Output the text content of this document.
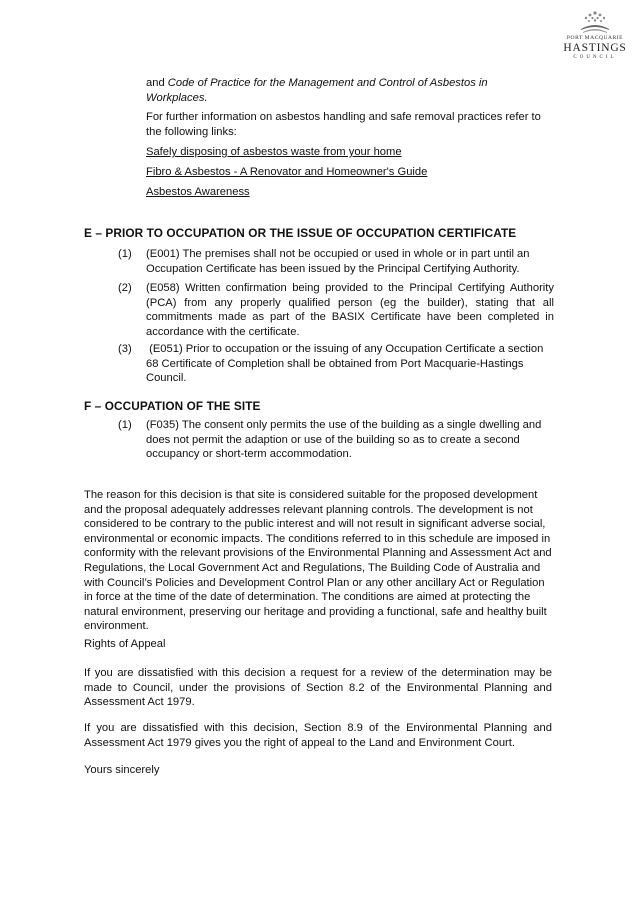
PORT MACQUARIE
HASTINGS
COUNCIL

and Code of Practice for the Management and Control of Asbestos in Workplaces.

For further information on asbestos handling and safe removal practices refer to the following links:

Safely disposing of asbestos waste from your home
Fibro & Asbestos - A Renovator and Homeowner's Guide
Asbestos Awareness
E – PRIOR TO OCCUPATION OR THE ISSUE OF OCCUPATION CERTIFICATE
(1)	(E001) The premises shall not be occupied or used in whole or in part until an Occupation Certificate has been issued by the Principal Certifying Authority.
(2)	(E058) Written confirmation being provided to the Principal Certifying Authority (PCA) from any properly qualified person (eg the builder), stating that all commitments made as part of the BASIX Certificate have been completed in accordance with the certificate.
(3)	(E051) Prior to occupation or the issuing of any Occupation Certificate a section 68 Certificate of Completion shall be obtained from Port Macquarie-Hastings Council.
F – OCCUPATION OF THE SITE
(1)	(F035) The consent only permits the use of the building as a single dwelling and does not permit the adaption or use of the building so as to create a second occupancy or short-term accommodation.

The reason for this decision is that site is considered suitable for the proposed development and the proposal adequately addresses relevant planning controls. The development is not considered to be contrary to the public interest and will not result in significant adverse social, environmental or economic impacts. The conditions referred to in this schedule are imposed in conformity with the relevant provisions of the Environmental Planning and Assessment Act and Regulations, the Local Government Act and Regulations, The Building Code of Australia and with Council’s Policies and Development Control Plan or any other ancillary Act or Regulation in force at the time of the date of determination. The conditions are aimed at protecting the natural environment, preserving our heritage and providing a functional, safe and healthy built environment.

Rights of Appeal

If you are dissatisfied with this decision a request for a review of the determination may be made to Council, under the provisions of Section 8.2 of the Environmental Planning and Assessment Act 1979.

If you are dissatisfied with this decision, Section 8.9 of the Environmental Planning and Assessment Act 1979 gives you the right of appeal to the Land and Environment Court.

Yours sincerely
